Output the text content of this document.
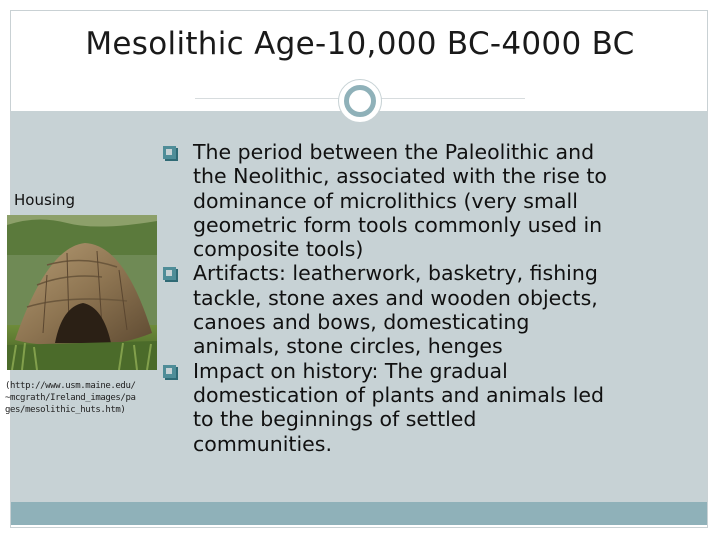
Mesolithic Age-10,000 BC-4000 BC
Housing
(http://www.usm.maine.edu/
~mcgrath/Ireland_images/pa
ges/mesolithic_huts.htm)
The period between the Paleolithic and
the Neolithic, associated with the rise to
dominance of microlithics (very small
geometric form tools commonly used in
composite tools)
Artifacts: leatherwork, basketry, fishing
tackle, stone axes and wooden objects,
canoes and bows, domesticating
animals, stone circles, henges
Impact on history: The gradual
domestication of plants and animals led
to the beginnings of settled
communities.
